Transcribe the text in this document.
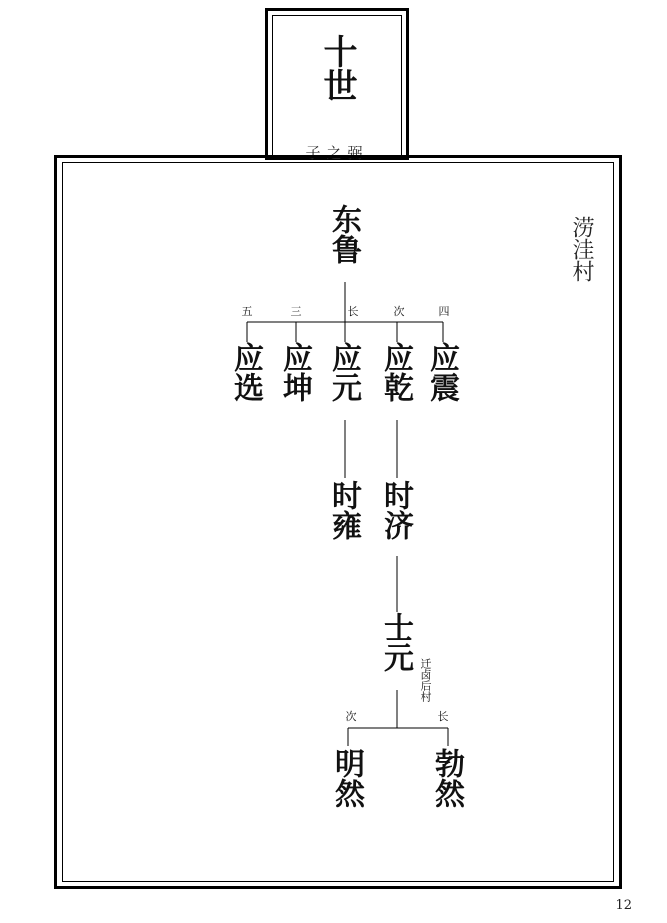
十世
子之弼
东鲁
五	三	长	次	四
应选 应坤 应元 应乾 应震
时雍 时济
士元
迁卤后村
次	长
明然 勃然
涝洼村
12
